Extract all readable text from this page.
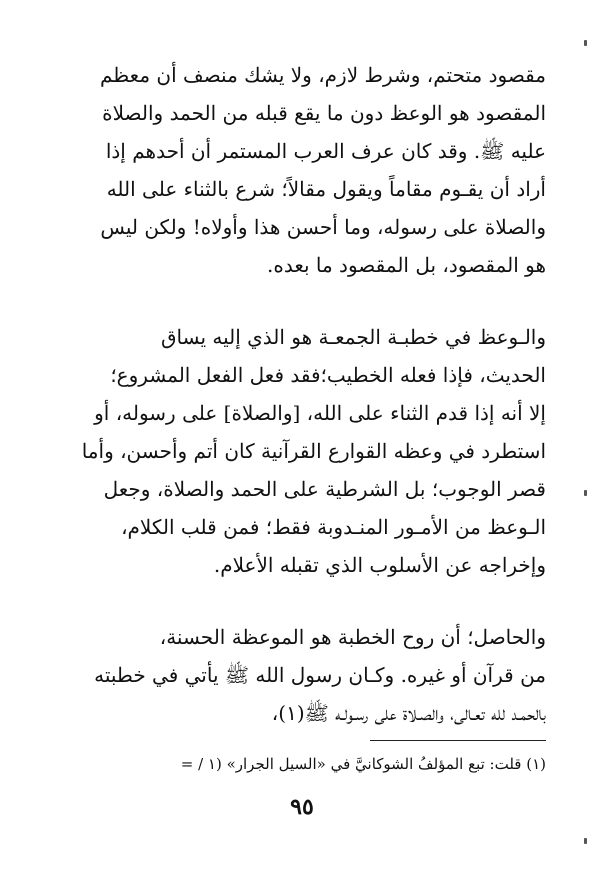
مقصود متحتم، وشرط لازم، ولا يشك منصف أن معظم
المقصود هو الوعظ دون ما يقع قبله من الحمد والصلاة
عليه ﷺ. وقد كان عرف العرب المستمر أن أحدهم إذا
أراد أن يقـوم مقاماً ويقول مقالاً؛ شرع بالثناء على الله
والصلاة على رسوله، وما أحسن هذا وأولاه! ولكن ليس
هو المقصود، بل المقصود ما بعده.
والـوعظ في خطبـة الجمعـة هو الذي إليه يساق
الحديث، فإذا فعله الخطيب؛فقد فعل الفعل المشروع؛
إلا أنه إذا قدم الثناء على الله، [والصلاة] على رسوله، أو
استطرد في وعظه القوارع القرآنية كان أتم وأحسن، وأما
قصر الوجوب؛ بل الشرطية على الحمد والصلاة، وجعل
الـوعظ من الأمـور المنـدوبة فقط؛ فمن قلب الكلام،
وإخراجه عن الأسلوب الذي تقبله الأعلام.
والحاصل؛ أن روح الخطبة هو الموعظة الحسنة،
من قرآن أو غيره. وكـان رسول الله ﷺ يأتي في خطبته
بالحمـد لله تعـالى، والصـلاة على رسـولـه ﷺ(١)،
(١) قلت: تبع المؤلفُ الشوكانيَّ في «السيل الجرار» (١ / =
٩٥
